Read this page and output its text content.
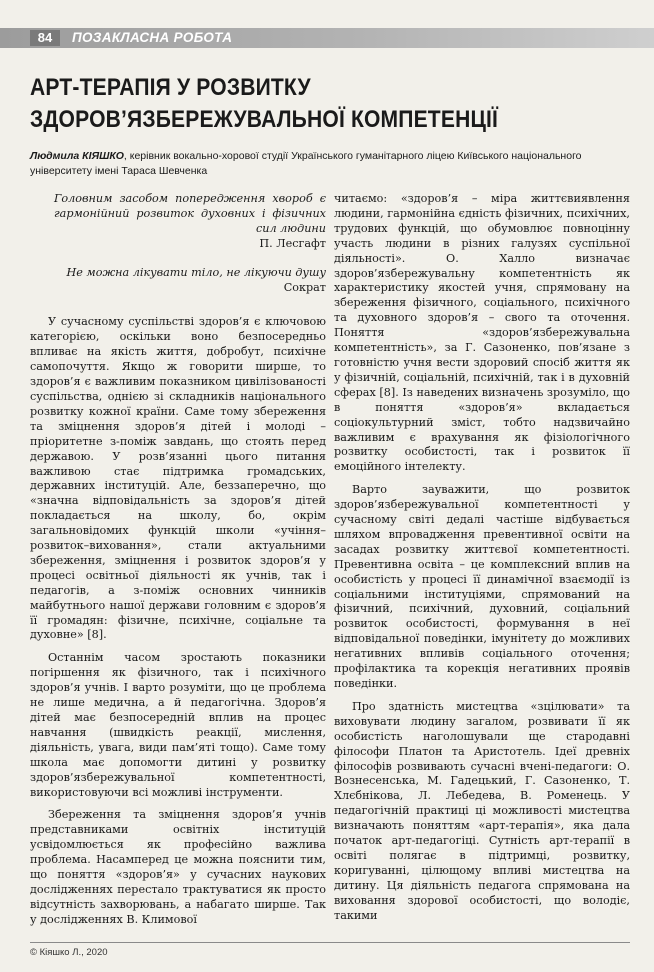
84	ПОЗАКЛАСНА РОБОТА
АРТ-ТЕРАПІЯ У РОЗВИТКУ
ЗДОРОВ’ЯЗБЕРЕЖУВАЛЬНОЇ КОМПЕТЕНЦІЇ
Людмила КІЯШКО, керівник вокально-хорової студії Українського гуманітарного ліцею Київського національного університету імені Тараса Шевченка
Головним засобом попередження хвороб є гармонійний розвиток духовних і фізичних сил людини
П. Лесгафт
Не можна лікувати тіло, не лікуючи душу
Сократ

У сучасному суспільстві здоров’я є ключовою категорією, оскільки воно безпосередньо впливає на якість життя, добробут, психічне самопочуття. Якщо ж говорити ширше, то здоров’я є важливим показником цивілізованості суспільства, однією зі складників національного розвитку кожної країни. Саме тому збереження та зміцнення здоров’я дітей і молоді – пріоритетне з-поміж завдань, що стоять перед державою. У розв’язанні цього питання важливою стає підтримка громадських, державних інституцій. Але, беззаперечно, що «значна відповідальність за здоров’я дітей покладається на школу, бо, окрім загальновідомих функцій школи «учіння–розвиток–виховання», стали актуальними збереження, зміцнення і розвиток здоров’я у процесі освітньої діяльності як учнів, так і педагогів, а з-поміж основних чинників майбутнього нашої держави головним є здоров’я її громадян: фізичне, психічне, соціальне та духовне» [8].

Останнім часом зростають показники погіршення як фізичного, так і психічного здоров’я учнів. І варто розуміти, що це проблема не лише медична, а й педагогічна. Здоров’я дітей має безпосередній вплив на процес навчання (швидкість реакції, мислення, діяльність, увага, види пам’яті тощо). Саме тому школа має допомогти дитині у розвитку здоров’язбережувальної компетентності, використовуючи всі можливі інструменти.

Збереження та зміцнення здоров’я учнів представниками освітніх інституцій усвідомлюється як професійно важлива проблема. Насамперед це можна пояснити тим, що поняття «здоров’я» у сучасних наукових дослідженнях перестало трактуватися як просто відсутність захворювань, а набагато ширше. Так у дослідженнях В. Климової

читаємо: «здоров’я – міра життєвиявлення людини, гармонійна єдність фізичних, психічних, трудових функцій, що обумовлює повноцінну участь людини в різних галузях суспільної діяльності». О. Халло визначає здоров’язбережувальну компетентність як характеристику якостей учня, спрямовану на збереження фізичного, соціального, психічного та духовного здоров’я – свого та оточення. Поняття «здоров’язбережувальна компетентність», за Г. Сазоненко, пов’язане з готовністю учня вести здоровий спосіб життя як у фізичній, соціальній, психічній, так і в духовній сферах [8]. Із наведених визначень зрозуміло, що в поняття «здоров’я» вкладається соціокультурний зміст, тобто надзвичайно важливим є врахування як фізіологічного розвитку особистості, так і розвиток її емоційного інтелекту.

Варто зауважити, що розвиток здоров’язбережувальної компетентності у сучасному світі дедалі частіше відбувається шляхом впровадження превентивної освіти на засадах розвитку життєвої компетентності. Превентивна освіта – це комплексний вплив на особистість у процесі її динамічної взаємодії із соціальними інституціями, спрямований на фізичний, психічний, духовний, соціальний розвиток особистості, формування в неї відповідальної поведінки, імунітету до можливих негативних впливів соціального оточення; профілактика та корекція негативних проявів поведінки.

Про здатність мистецтва «зцілювати» та виховувати людину загалом, розвивати її як особистість наголошували ще стародавні філософи Платон та Аристотель. Ідеї древніх філософів розвивають сучасні вчені-педагоги: О. Вознесенська, М. Гадецький, Г. Сазоненко, Т. Хлєбнікова, Л. Лебедева, В. Роменець. У педагогічній практиці ці можливості мистецтва визначають поняттям «арт-терапія», яка дала початок арт-педагогіці. Сутність арт-терапії в освіті полягає в підтримці, розвитку, коригуванні, цілющому впливі мистецтва на дитину. Ця діяльність педагога спрямована на виховання здорової особистості, що володіє, такими

© Кіяшко Л., 2020
